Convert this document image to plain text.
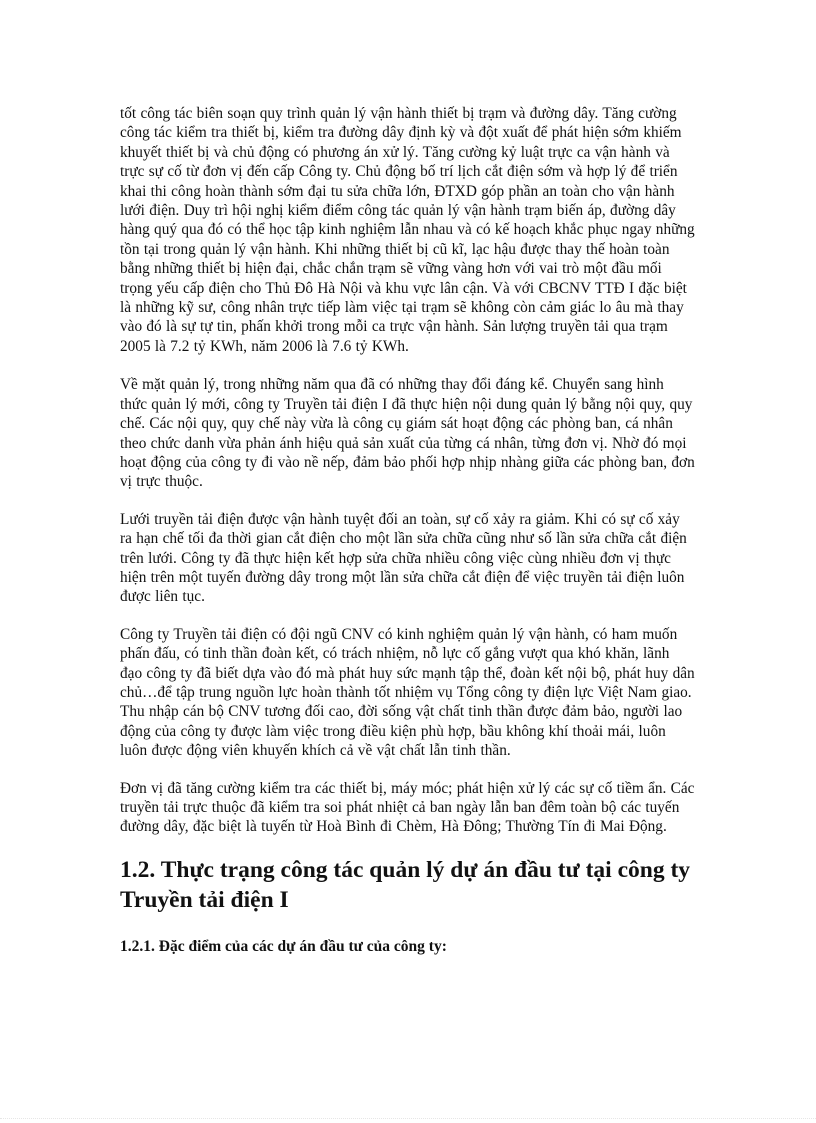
tốt công tác biên soạn quy trình quản lý vận hành thiết bị trạm và đường dây. Tăng cường công tác kiểm tra thiết bị, kiểm tra đường dây định kỳ và đột xuất để phát hiện sớm khiếm khuyết thiết bị và chủ động có phương án xử lý. Tăng cường kỷ luật trực ca vận hành và trực sự cố từ đơn vị đến cấp Công ty. Chủ động bố trí lịch cắt điện sớm và hợp lý để triển khai thi công hoàn thành sớm đại tu sửa chữa lớn, ĐTXD góp phần an toàn cho vận hành lưới điện. Duy trì hội nghị kiểm điểm công tác quản lý vận hành trạm biến áp, đường dây hàng quý qua đó có thể học tập kinh nghiệm lẫn nhau và có kế hoạch khắc phục ngay những tồn tại trong quản lý vận hành. Khi những thiết bị cũ kĩ, lạc hậu được thay thế hoàn toàn bằng những thiết bị hiện đại, chắc chắn trạm sẽ vững vàng hơn với vai trò một đầu mối trọng yếu cấp điện cho Thủ Đô Hà Nội và khu vực lân cận. Và với CBCNV TTĐ I đặc biệt là những kỹ sư, công nhân trực tiếp làm việc tại trạm sẽ không còn cảm giác lo âu mà thay vào đó là sự tự tin, phấn khởi trong mỗi ca trực vận hành. Sản lượng truyền tải qua trạm 2005 là 7.2 tỷ KWh, năm 2006 là 7.6 tỷ KWh.

Về mặt quản lý, trong những năm qua đã có những thay đổi đáng kể. Chuyển sang hình thức quản lý mới, công ty Truyền tải điện I đã thực hiện nội dung quản lý bằng nội quy, quy chế. Các nội quy, quy chế này vừa là công cụ giám sát hoạt động các phòng ban, cá nhân theo chức danh vừa phản ánh hiệu quả sản xuất của từng cá nhân, từng đơn vị. Nhờ đó mọi hoạt động của công ty đi vào nề nếp, đảm bảo phối hợp nhịp nhàng giữa các phòng ban, đơn vị trực thuộc.

Lưới truyền tải điện được vận hành tuyệt đối an toàn, sự cố xảy ra giảm. Khi có sự cố xảy ra hạn chế tối đa thời gian cắt điện cho một lần sửa chữa cũng như số lần sửa chữa cắt điện trên lưới. Công ty đã thực hiện kết hợp sửa chữa nhiều công việc cùng nhiều đơn vị thực hiện trên một tuyến đường dây trong một lần sửa chữa cắt điện để việc truyền tải điện luôn được liên tục.

Công ty Truyền tải điện có đội ngũ CNV có kinh nghiệm quản lý vận hành, có ham muốn phấn đấu, có tinh thần đoàn kết, có trách nhiệm, nỗ lực cố gắng vượt qua khó khăn, lãnh đạo công ty đã biết dựa vào đó mà phát huy sức mạnh tập thể, đoàn kết nội bộ, phát huy dân chủ…để tập trung nguồn lực hoàn thành tốt nhiệm vụ Tổng công ty điện lực Việt Nam giao. Thu nhập cán bộ CNV tương đối cao, đời sống vật chất tinh thần được đảm bảo, người lao động của công ty được làm việc trong điều kiện phù hợp, bầu không khí thoải mái, luôn luôn được động viên khuyến khích cả về vật chất lẫn tinh thần.

Đơn vị đã tăng cường kiểm tra các thiết bị, máy móc; phát hiện xử lý các sự cố tiềm ẩn. Các truyền tải trực thuộc đã kiểm tra soi phát nhiệt cả ban ngày lẫn ban đêm toàn bộ các tuyến đường dây, đặc biệt là tuyến từ Hoà Bình đi Chèm, Hà Đông; Thường Tín đi Mai Động.

1.2. Thực trạng công tác quản lý dự án đầu tư tại công ty Truyền tải điện I
1.2.1. Đặc điểm của các dự án đầu tư của công ty:
